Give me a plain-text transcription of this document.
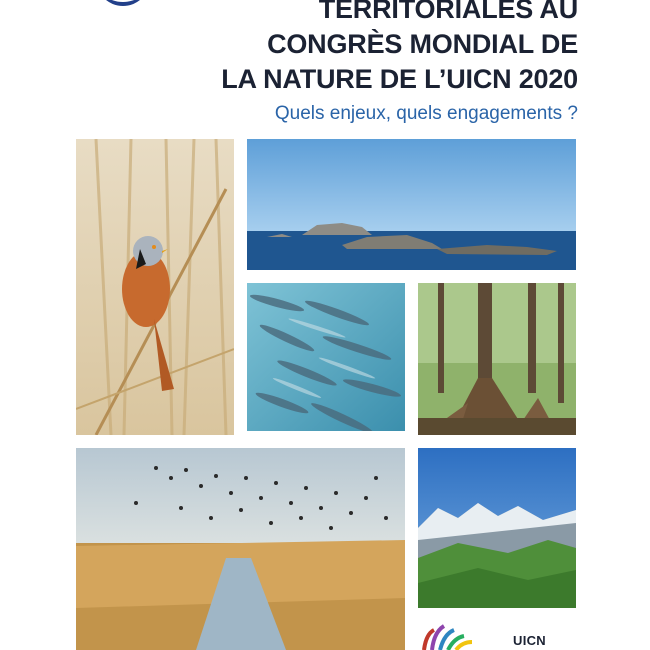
TERRITORIALES AU
CONGRÈS MONDIAL DE
LA NATURE DE L’UICN 2020
Quels enjeux, quels engagements ?
UICN
